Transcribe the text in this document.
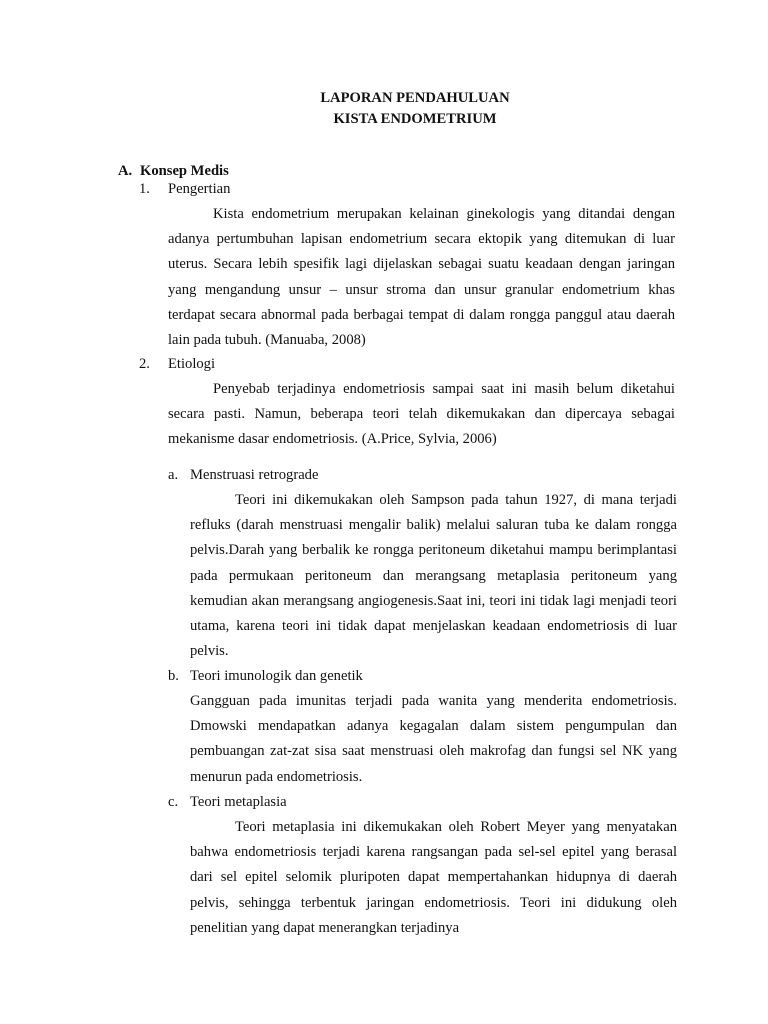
LAPORAN PENDAHULUAN
KISTA ENDOMETRIUM
A. Konsep Medis
1. Pengertian

Kista endometrium merupakan kelainan ginekologis yang ditandai dengan adanya pertumbuhan lapisan endometrium secara ektopik yang ditemukan di luar uterus. Secara lebih spesifik lagi dijelaskan sebagai suatu keadaan dengan jaringan yang mengandung unsur – unsur stroma dan unsur granular endometrium khas terdapat secara abnormal pada berbagai tempat di dalam rongga panggul atau daerah lain pada tubuh. (Manuaba, 2008)

2. Etiologi

Penyebab terjadinya endometriosis sampai saat ini masih belum diketahui secara pasti. Namun, beberapa teori telah dikemukakan dan dipercaya sebagai mekanisme dasar endometriosis. (A.Price, Sylvia, 2006)

a. Menstruasi retrograde

Teori ini dikemukakan oleh Sampson pada tahun 1927, di mana terjadi refluks (darah menstruasi mengalir balik) melalui saluran tuba ke dalam rongga pelvis.Darah yang berbalik ke rongga peritoneum diketahui mampu berimplantasi pada permukaan peritoneum dan merangsang metaplasia peritoneum yang kemudian akan merangsang angiogenesis.Saat ini, teori ini tidak lagi menjadi teori utama, karena teori ini tidak dapat menjelaskan keadaan endometriosis di luar pelvis.

b. Teori imunologik dan genetik

Gangguan pada imunitas terjadi pada wanita yang menderita endometriosis. Dmowski mendapatkan adanya kegagalan dalam sistem pengumpulan dan pembuangan zat-zat sisa saat menstruasi oleh makrofag dan fungsi sel NK yang menurun pada endometriosis.

c. Teori metaplasia

Teori metaplasia ini dikemukakan oleh Robert Meyer yang menyatakan bahwa endometriosis terjadi karena rangsangan pada sel-sel epitel yang berasal dari sel epitel selomik pluripoten dapat mempertahankan hidupnya di daerah pelvis, sehingga terbentuk jaringan endometriosis. Teori ini didukung oleh penelitian yang dapat menerangkan terjadinya
